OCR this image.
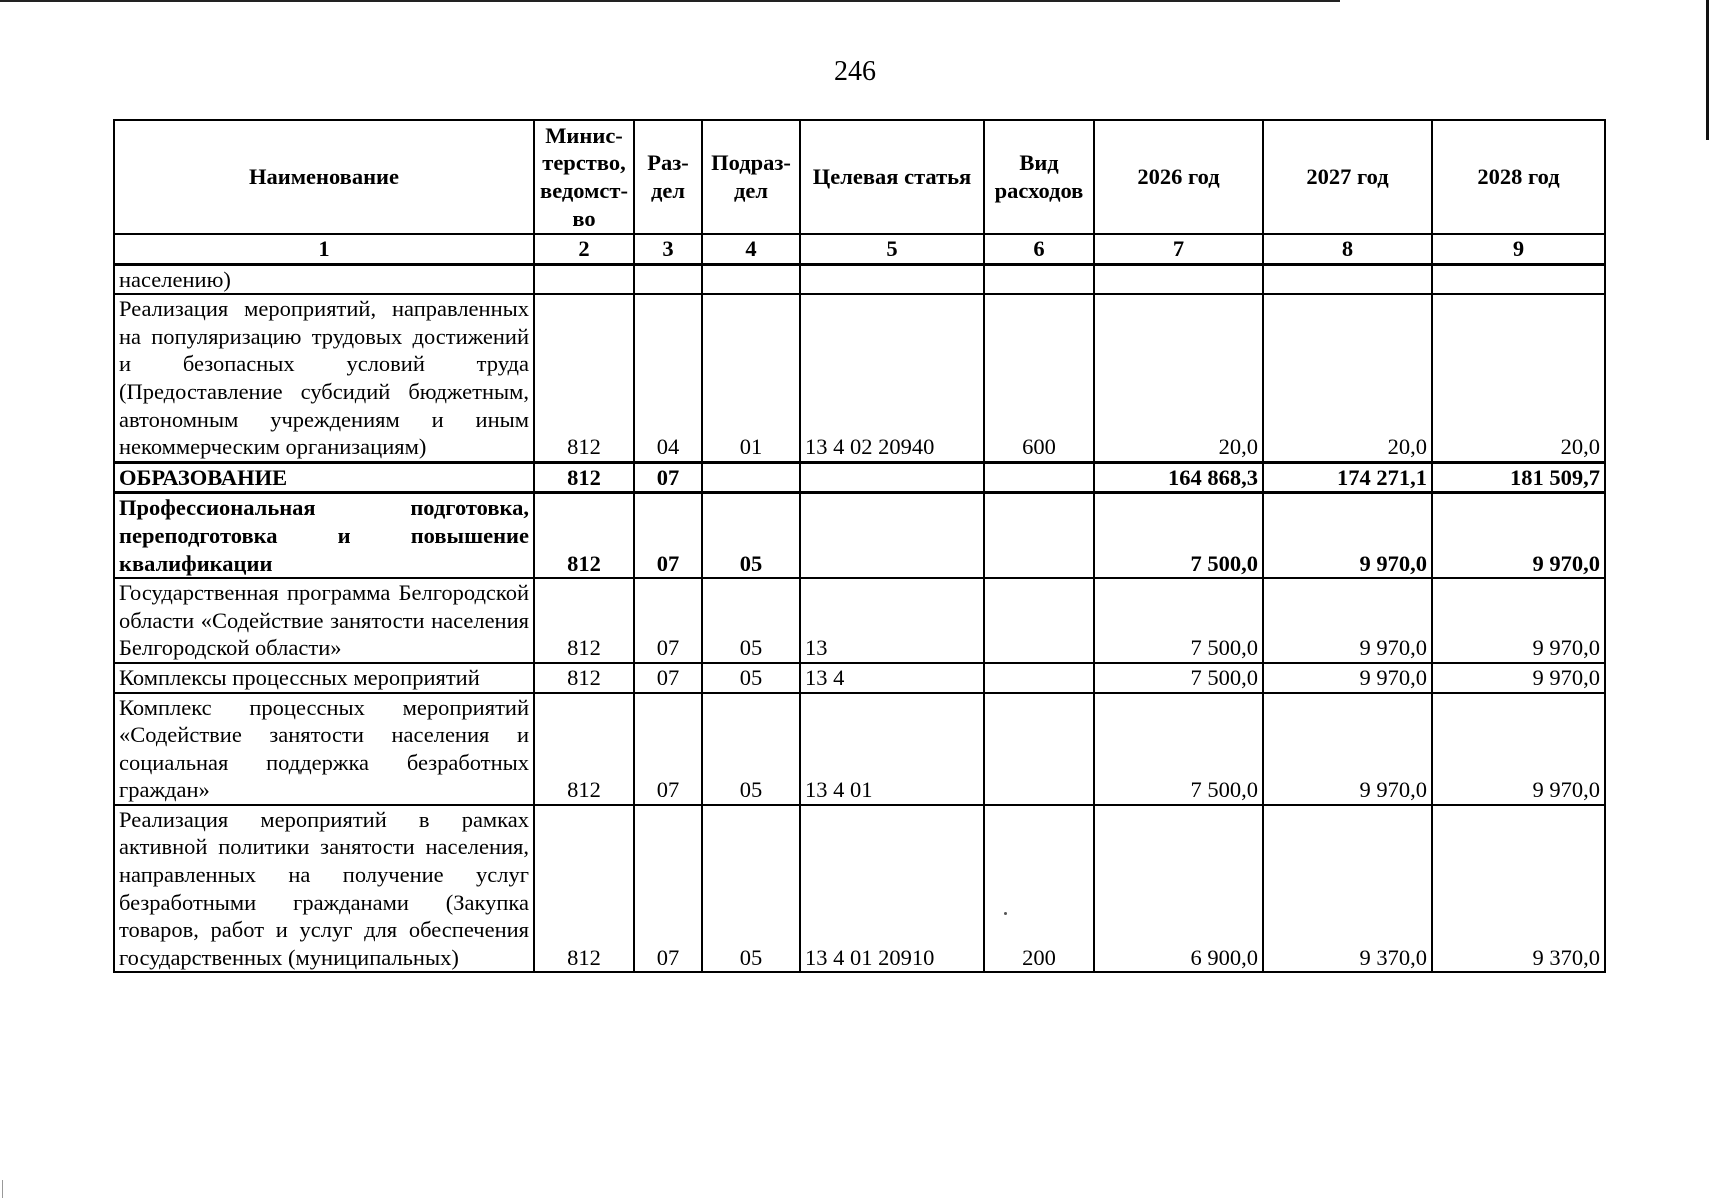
246
Наименование	Минис-терство, ведомст-во	Раз-дел	Подраз-дел	Целевая статья	Вид расходов	2026 год	2027 год	2028 год
1	2	3	4	5	6	7	8	9
населению)								
Реализация мероприятий, направленных на популяризацию трудовых достижений и безопасных условий труда (Предоставление субсидий бюджетным, автономным учреждениям и иным некоммерческим организациям)	812	04	01	13 4 02 20940	600	20,0	20,0	20,0
ОБРАЗОВАНИЕ	812	07				164 868,3	174 271,1	181 509,7
Профессиональная подготовка, переподготовка и повышение квалификации	812	07	05			7 500,0	9 970,0	9 970,0
Государственная программа Белгородской области «Содействие занятости населения Белгородской области»	812	07	05	13		7 500,0	9 970,0	9 970,0
Комплексы процессных мероприятий	812	07	05	13 4		7 500,0	9 970,0	9 970,0
Комплекс процессных мероприятий «Содействие занятости населения и социальная поддержка безработных граждан»	812	07	05	13 4 01		7 500,0	9 970,0	9 970,0
Реализация мероприятий в рамках активной политики занятости населения, направленных на получение услуг безработными гражданами (Закупка товаров, работ и услуг для обеспечения государственных (муниципальных)	812	07	05	13 4 01 20910	200	6 900,0	9 370,0	9 370,0
